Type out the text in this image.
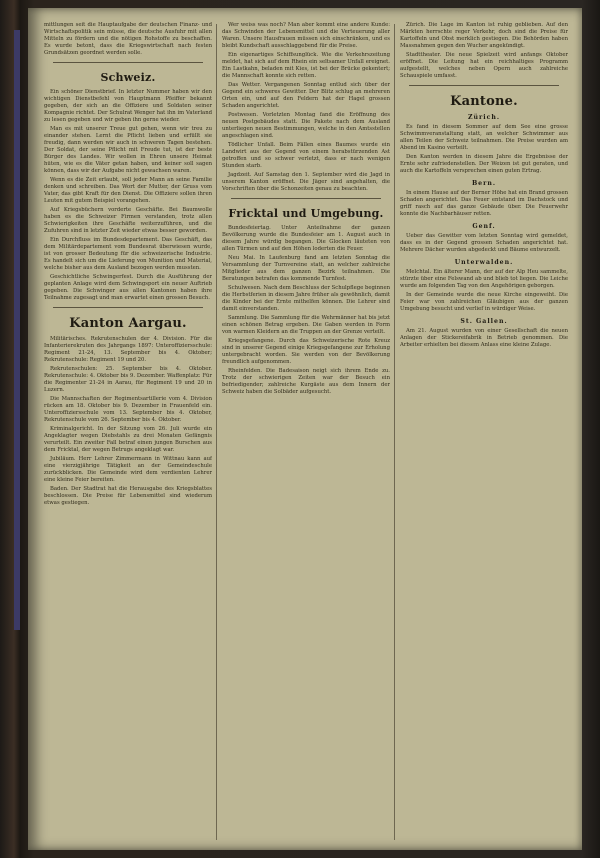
mittlungen seit die Hauptaufgabe der deutschen Finanz- und Wirtschaftspolitik sein müsse, die deutsche Ausfuhr mit allen Mitteln zu fördern und die nötigen Rohstoffe zu beschaffen. Es wurde betont, dass die Kriegswirtschaft nach festen Grundsätzen geordnet werden solle.

Schweiz.

Ein schöner Dienstbrief. In letzter Nummer haben wir den wichtigen Dienstbefehl von Hauptmann Pfeiffer bekannt gegeben, der sich an die Offiziere und Soldaten seiner Kompagnie richtet. Der Schulrat Wenger hat ihn im Vaterland zu lesen gegeben und wir geben ihn gerne wieder.

Man es mit unserer Treue gut gehen, wenn wir treu zu einander stehen. Lernt die Pflicht lieben und erfüllt sie freudig, dann werden wir auch in schweren Tagen bestehen. Der Soldat, der seine Pflicht mit Freude tut, ist der beste Bürger des Landes. Wir wollen in Ehren unsere Heimat hüten, wie es die Väter getan haben, und keiner soll sagen können, dass wir der Aufgabe nicht gewachsen waren.

Wenn es die Zeit erlaubt, soll jeder Mann an seine Familie denken und schreiben. Das Wort der Mutter, der Gruss vom Vater, das gibt Kraft für den Dienst. Die Offiziere sollen ihren Leuten mit gutem Beispiel vorangehen.

Auf Kriegsbüchern vorderte Geschäfte. Bei Baumwolle haben es die Schweizer Firmen verstanden, trotz allen Schwierigkeiten ihre Geschäfte weiterzuführen, und die Zufuhren sind in letzter Zeit wieder etwas besser geworden.

Ein Durchfluss im Bundesdepartement. Das Geschäft, das dem Militärdepartement vom Bundesrat überwiesen wurde, ist von grosser Bedeutung für die schweizerische Industrie. Es handelt sich um die Lieferung von Munition und Material, welche bisher aus dem Ausland bezogen werden mussten.

Geschichtliche Schwingerfest. Durch die Ausführung der geplanten Anlage wird dem Schwingsport ein neuer Auftrieb gegeben. Die Schwinger aus allen Kantonen haben ihre Teilnahme zugesagt und man erwartet einen grossen Besuch.

Kanton Aargau.

Militärisches. Rekrutenschulen der 4. Division. Für die Infanterierekruten des Jahrgangs 1897: Unteroffiziersschule: Regiment 21-24, 13. September bis 4. Oktober; Rekrutenschule: Regiment 19 und 20.

Rekrutenschulen: 25. September bis 4. Oktober. Rekrutenschule: 4. Oktober bis 9. Dezember. Waffenplatz: Für die Regimenter 21-24 in Aarau, für Regiment 19 und 20 in Luzern.

Die Mannschaften der Regimentsartillerie vom 4. Division rücken am 18. Oktober bis 9. Dezember in Frauenfeld ein. Unteroffiziersschule vom 13. September bis 4. Oktober, Rekrutenschule vom 26. September bis 4. Oktober.

Kriminalgericht. In der Sitzung vom 26. Juli wurde ein Angeklagter wegen Diebstahls zu drei Monaten Gefängnis verurteilt. Ein zweiter Fall betraf einen jungen Burschen aus dem Fricktal, der wegen Betrugs angeklagt war.

Jubiläum. Herr Lehrer Zimmermann in Wittnau kann auf eine vierzigjährige Tätigkeit an der Gemeindeschule zurückblicken. Die Gemeinde wird dem verdienten Lehrer eine kleine Feier bereiten.

Baden. Der Stadtrat hat die Herausgabe des Kriegsblattes beschlossen. Die Preise für Lebensmittel sind wiederum etwas gestiegen.

Wer weiss was noch? Man aber kommt eine andere Kunde: das Schwinden der Lebensmittel und die Verteuerung aller Waren. Unsere Hausfrauen müssen sich einschränken, und es bleibt Kundschaft ausschlaggebend für die Preise.

Ein eigenartiges Schiffsunglück. Wie die Verkehrszeitung meldet, hat sich auf dem Rhein ein seltsamer Unfall ereignet. Ein Lastkahn, beladen mit Kies, ist bei der Brücke gekentert; die Mannschaft konnte sich retten.

Das Wetter. Vergangenen Sonntag entlud sich über der Gegend ein schweres Gewitter. Der Blitz schlug an mehreren Orten ein, und auf den Feldern hat der Hagel grossen Schaden angerichtet.

Postwesen. Vorletzten Montag fand die Eröffnung des neuen Postgebäudes statt. Die Pakete nach dem Ausland unterliegen neuen Bestimmungen, welche in den Amtsstellen angeschlagen sind.

Tödlicher Unfall. Beim Fällen eines Baumes wurde ein Landwirt aus der Gegend von einem herabstürzenden Ast getroffen und so schwer verletzt, dass er nach wenigen Stunden starb.

Jagdzeit. Auf Samstag den 1. September wird die Jagd in unserem Kanton eröffnet. Die Jäger sind angehalten, die Vorschriften über die Schonzeiten genau zu beachten.

Fricktal und Umgebung.

Bundesfeiertag. Unter Anteilnahme der ganzen Bevölkerung wurde die Bundesfeier am 1. August auch in diesem Jahre würdig begangen. Die Glocken läuteten von allen Türmen und auf den Höhen loderten die Feuer.

Neu Mai. In Laufenburg fand am letzten Sonntag die Versammlung der Turnvereine statt, an welcher zahlreiche Mitglieder aus dem ganzen Bezirk teilnahmen. Die Beratungen betrafen das kommende Turnfest.

Schulwesen. Nach dem Beschluss der Schulpflege beginnen die Herbstferien in diesem Jahre früher als gewöhnlich, damit die Kinder bei der Ernte mithelfen können. Die Lehrer sind damit einverstanden.

Sammlung. Die Sammlung für die Wehrmänner hat bis jetzt einen schönen Betrag ergeben. Die Gaben werden in Form von warmen Kleidern an die Truppen an der Grenze verteilt.

Kriegsgefangene. Durch das Schweizerische Rote Kreuz sind in unserer Gegend einige Kriegsgefangene zur Erholung untergebracht worden. Sie werden von der Bevölkerung freundlich aufgenommen.

Rheinfelden. Die Badesaison neigt sich ihrem Ende zu. Trotz der schwierigen Zeiten war der Besuch ein befriedigender; zahlreiche Kurgäste aus dem Innern der Schweiz haben die Solbäder aufgesucht.

Zürich. Die Lage im Kanton ist ruhig geblieben. Auf den Märkten herrschte reger Verkehr, doch sind die Preise für Kartoffeln und Obst merklich gestiegen. Die Behörden haben Massnahmen gegen den Wucher angekündigt.

Stadttheater. Die neue Spielzeit wird anfangs Oktober eröffnet. Die Leitung hat ein reichhaltiges Programm aufgestellt, welches neben Opern auch zahlreiche Schauspiele umfasst.

Kantone.
Zürich.

Es fand in diesem Sommer auf dem See eine grosse Schwimmveranstaltung statt, an welcher Schwimmer aus allen Teilen der Schweiz teilnahmen. Die Preise wurden am Abend im Kasino verteilt.

Den Kanton werden in diesem Jahre die Ergebnisse der Ernte sehr zufriedenstellen. Der Weizen ist gut geraten, und auch die Kartoffeln versprechen einen guten Ertrag.

Bern.

In einem Hause auf der Berner Höhe hat ein Brand grossen Schaden angerichtet. Das Feuer entstand im Dachstock und griff rasch auf das ganze Gebäude über. Die Feuerwehr konnte die Nachbarhäuser retten.

Genf.

Ueber das Gewitter vom letzten Sonntag wird gemeldet, dass es in der Gegend grossen Schaden angerichtet hat. Mehrere Dächer wurden abgedeckt und Bäume entwurzelt.

Unterwalden.

Melchtal. Ein älterer Mann, der auf der Alp Heu sammelte, stürzte über eine Felswand ab und blieb tot liegen. Die Leiche wurde am folgenden Tag von den Angehörigen geborgen.

In der Gemeinde wurde die neue Kirche eingeweiht. Die Feier war von zahlreichen Gläubigen aus der ganzen Umgebung besucht und verlief in würdiger Weise.

St. Gallen.

Am 21. August wurden von einer Gesellschaft die neuen Anlagen der Stickereifabrik in Betrieb genommen. Die Arbeiter erhielten bei diesem Anlass eine kleine Zulage.
